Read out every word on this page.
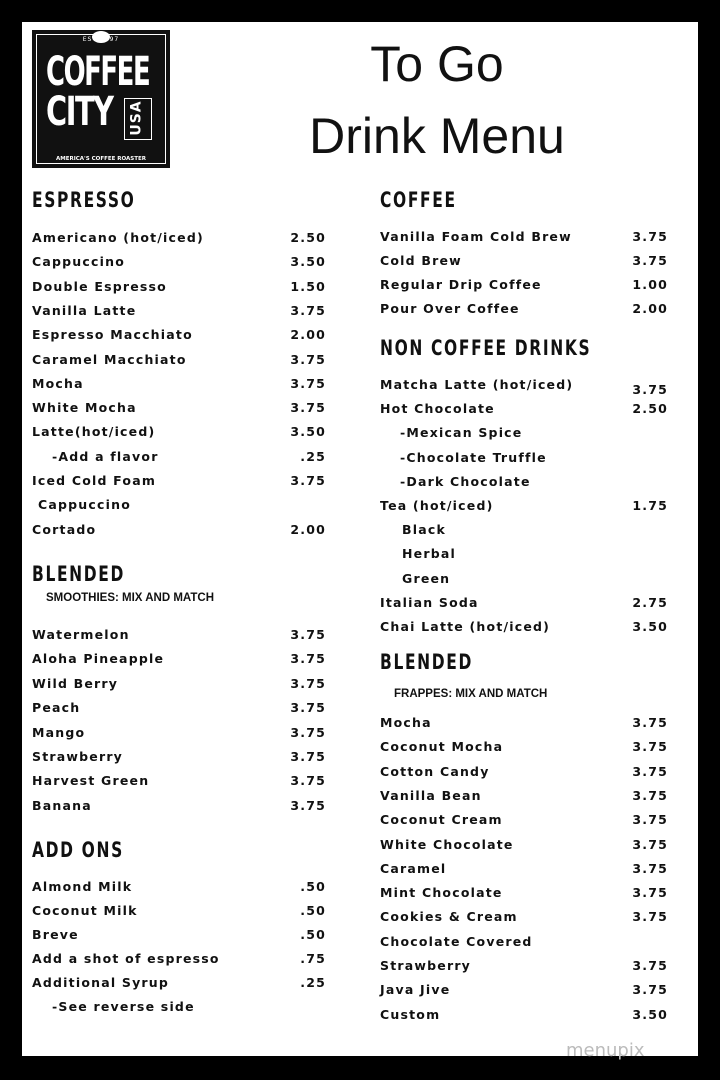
EST 1997
COFFEE
CITY USA
AMERICA'S COFFEE ROASTER
To Go
Drink Menu
ESPRESSO
Americano (hot/iced)	2.50
Cappuccino	3.50
Double Espresso	1.50
Vanilla Latte	3.75
Espresso Macchiato	2.00
Caramel Macchiato	3.75
Mocha	3.75
White Mocha	3.75
Latte(hot/iced)	3.50
-Add a flavor	.25
Iced Cold Foam	3.75
Cappuccino
Cortado	2.00
BLENDED
SMOOTHIES: MIX AND MATCH
Watermelon	3.75
Aloha Pineapple	3.75
Wild Berry	3.75
Peach	3.75
Mango	3.75
Strawberry	3.75
Harvest Green	3.75
Banana	3.75
ADD ONS
Almond Milk	.50
Coconut Milk	.50
Breve	.50
Add a shot of espresso	.75
Additional Syrup	.25
-See reverse side
COFFEE
Vanilla Foam Cold Brew	3.75
Cold Brew	3.75
Regular Drip Coffee	1.00
Pour Over Coffee	2.00
NON COFFEE DRINKS
Matcha Latte (hot/iced)	3.75
Hot Chocolate	2.50
-Mexican Spice
-Chocolate Truffle
-Dark Chocolate
Tea (hot/iced)	1.75
Black
Herbal
Green
Italian Soda	2.75
Chai Latte (hot/iced)	3.50
BLENDED
FRAPPES: MIX AND MATCH
Mocha	3.75
Coconut Mocha	3.75
Cotton Candy	3.75
Vanilla Bean	3.75
Coconut Cream	3.75
White Chocolate	3.75
Caramel	3.75
Mint Chocolate	3.75
Cookies & Cream	3.75
Chocolate Covered
Strawberry	3.75
Java Jive	3.75
Custom	3.50
menupix
